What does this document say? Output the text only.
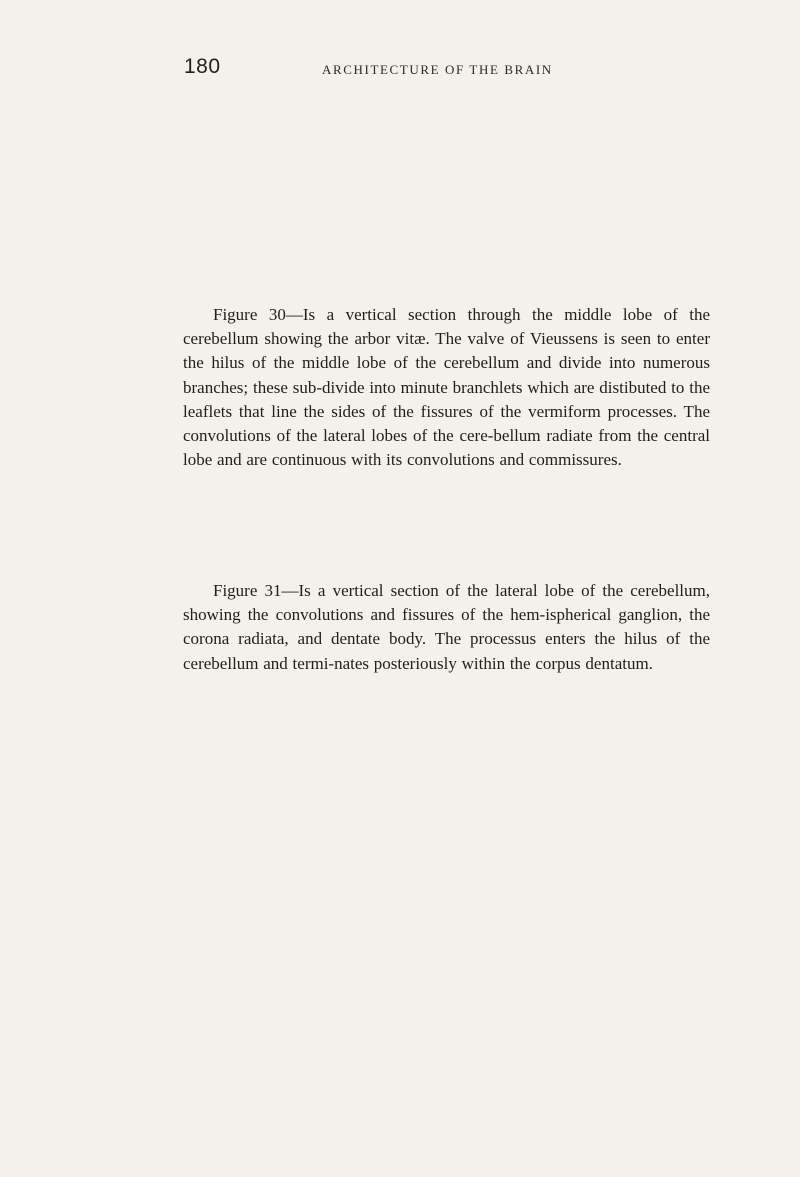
180	ARCHITECTURE OF THE BRAIN

Figure 30—Is a vertical section through the middle lobe of the cerebellum showing the arbor vitæ. The valve of Vieussens is seen to enter the hilus of the middle lobe of the cerebellum and divide into numerous branches; these sub-divide into minute branchlets which are distibuted to the leaflets that line the sides of the fissures of the vermiform processes. The convolutions of the lateral lobes of the cere-bellum radiate from the central lobe and are continuous with its convolutions and commissures.

Figure 31—Is a vertical section of the lateral lobe of the cerebellum, showing the convolutions and fissures of the hem-ispherical ganglion, the corona radiata, and dentate body. The processus enters the hilus of the cerebellum and termi-nates posteriously within the corpus dentatum.
